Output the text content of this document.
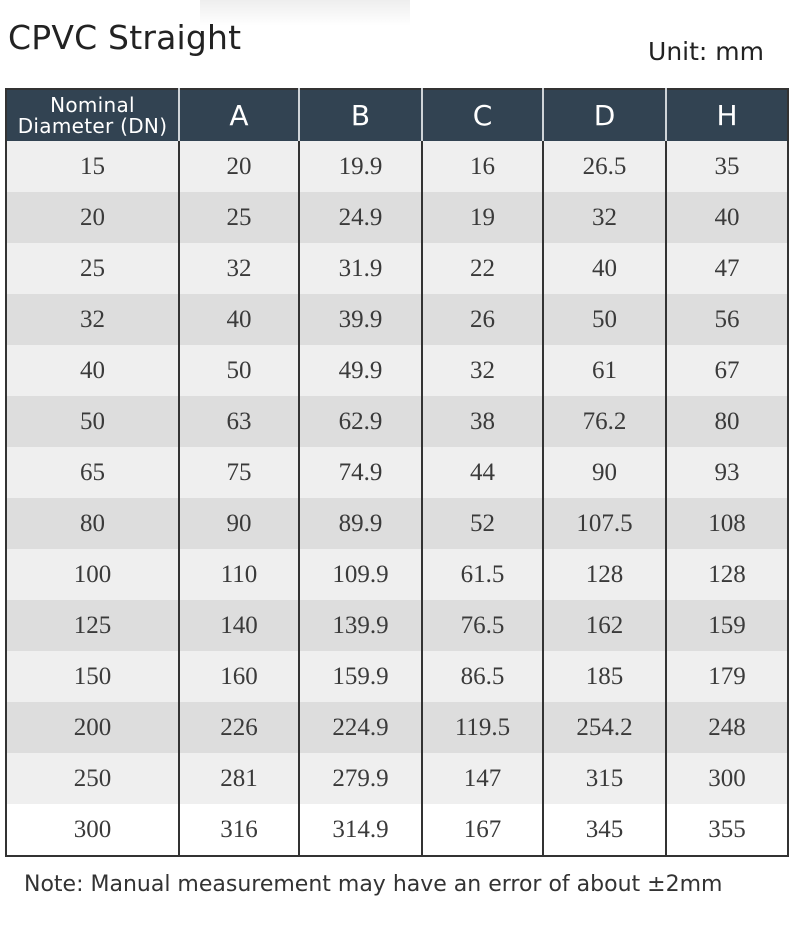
CPVC Straight	Unit: mm
Nominal Diameter (DN)	A	B	C	D	H
15	20	19.9	16	26.5	35
20	25	24.9	19	32	40
25	32	31.9	22	40	47
32	40	39.9	26	50	56
40	50	49.9	32	61	67
50	63	62.9	38	76.2	80
65	75	74.9	44	90	93
80	90	89.9	52	107.5	108
100	110	109.9	61.5	128	128
125	140	139.9	76.5	162	159
150	160	159.9	86.5	185	179
200	226	224.9	119.5	254.2	248
250	281	279.9	147	315	300
300	316	314.9	167	345	355
Note: Manual measurement may have an error of about ±2mm
